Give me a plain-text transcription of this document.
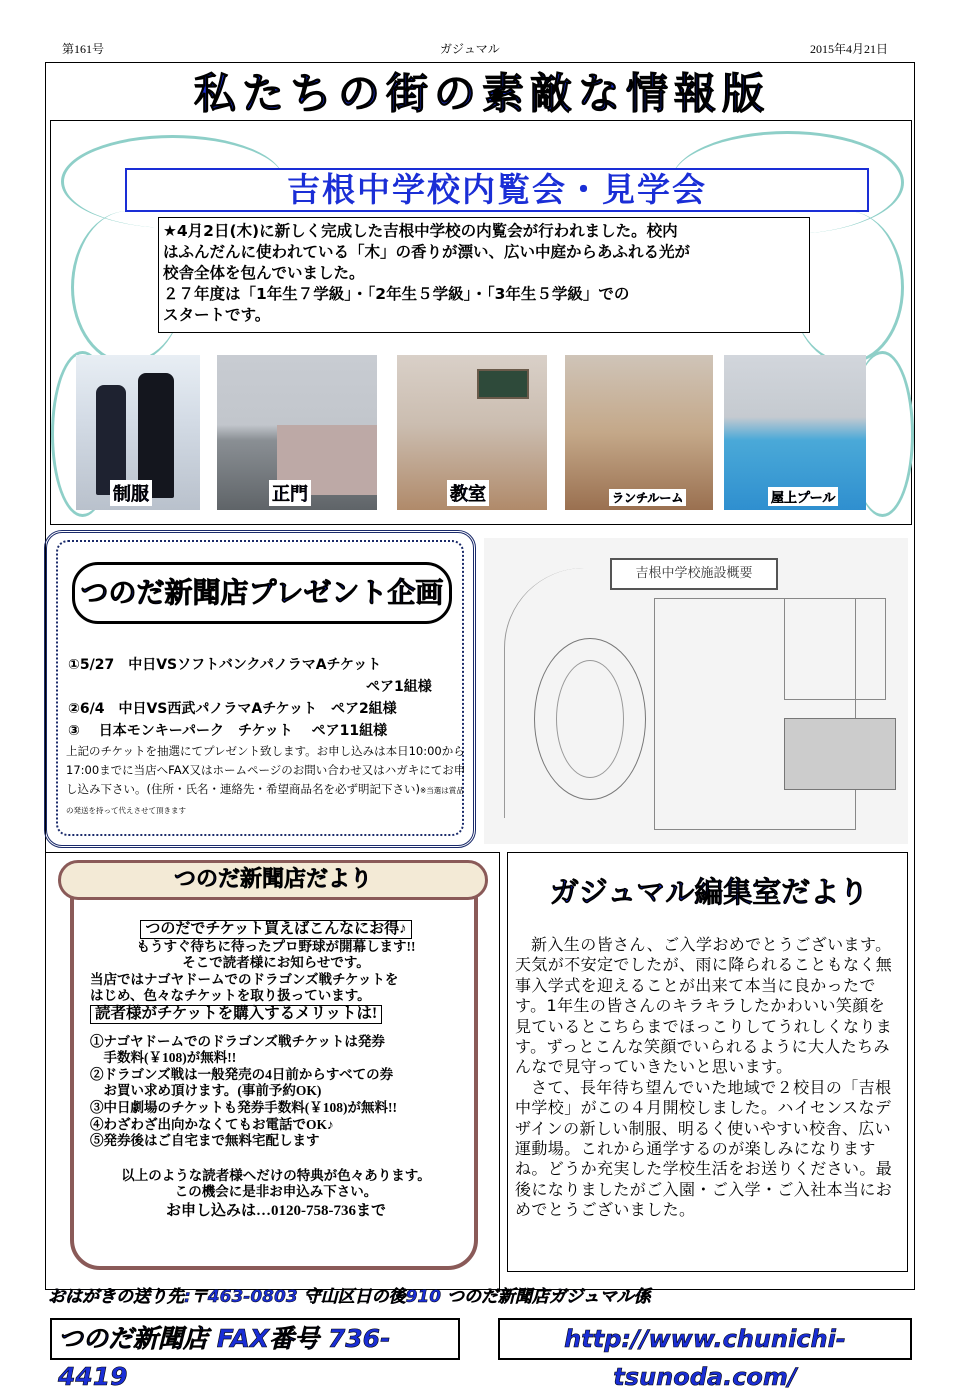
第161号	ガジュマル	2015年4月21日
私たちの街の素敵な情報版
吉根中学校内覧会・見学会

★4月2日(木)に新しく完成した吉根中学校の内覧会が行われました。校内

はふんだんに使われている「木」の香りが漂い、広い中庭からあふれる光が

校舎全体を包んでいました。

２７年度は「1年生７学級」・「2年生５学級」・「3年生５学級」での

スタートです。

制服	正門	教室	ランチルーム	屋上プール
つのだ新聞店プレゼント企画
①5/27　中日VSソフトバンクパノラマAチケット
ペア1組様
②6/4　中日VS西武パノラマAチケット　ペア2組様
③　 日本モンキーパーク　チケット　 ペア11組様
上記のチケットを抽選にてプレゼント致します。お申し込みは本日10:00から17:00までに当店へFAX又はホームページのお問い合わせ又はハガキにてお申し込み下さい。(住所・氏名・連絡先・希望商品名を必ず明記下さい)※当選は賞品の発送を持って代えさせて頂きます
吉根中学校施設概要
つのだ新聞店だより
つのだでチケット買えばこんなにお得♪
もうすぐ待ちに待ったプロ野球が開幕します!!
そこで読者様にお知らせです。
当店ではナゴヤドームでのドラゴンズ戦チケットを
はじめ、色々なチケットを取り扱っています。
読者様がチケットを購入するメリットは!
①ナゴヤドームでのドラゴンズ戦チケットは発券
　手数料(￥108)が無料!!
②ドラゴンズ戦は一般発売の4日前からすべての券
　お買い求め頂けます。(事前予約OK)
③中日劇場のチケットも発券手数料(￥108)が無料!!
④わざわざ出向かなくてもお電話でOK♪
⑤発券後はご自宅まで無料宅配します
以上のような読者様へだけの特典が色々あります。
この機会に是非お申込み下さい。
お申し込みは…0120-758-736まで
ガジュマル編集室だより

新入生の皆さん、ご入学おめでとうございます。天気が不安定でしたが、雨に降られることもなく無事入学式を迎えることが出来て本当に良かったです。1年生の皆さんのキラキラしたかわいい笑顔を見ているとこちらまでほっこりしてうれしくなります。ずっとこんな笑顔でいられるように大人たちみんなで見守っていきたいと思います。

さて、長年待ち望んでいた地域で２校目の「吉根中学校」がこの４月開校しました。ハイセンスなデザインの新しい制服、明るく使いやすい校舎、広い運動場。これから通学するのが楽しみになりますね。どうか充実した学校生活をお送りください。最後になりましたがご入園・ご入学・ご入社本当におめでとうございました。

おはがきの送り先:〒463-0803 守山区日の後910 つのだ新聞店ガジュマル係
つのだ新聞店 FAX番号 736-4419
http://www.chunichi-tsunoda.com/
